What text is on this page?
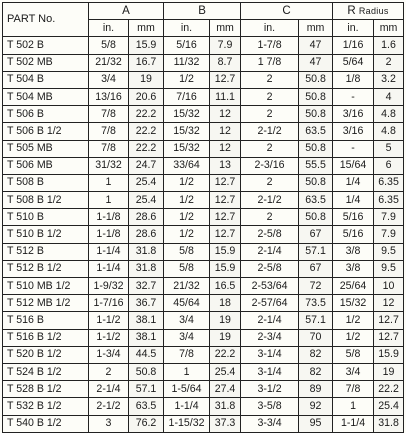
PART No.	A		B		C		R Radius	
	in.	mm	in.	mm	in.	mm	in.	mm
T 502 B	5/8	15.9	5/16	7.9	1-7/8	47	1/16	1.6
T 502 MB	21/32	16.7	11/32	8.7	1 7/8	47	5/64	2
T 504 B	3/4	19	1/2	12.7	2	50.8	1/8	3.2
T 504 MB	13/16	20.6	7/16	11.1	2	50.8	-	4
T 506 B	7/8	22.2	15/32	12	2	50.8	3/16	4.8
T 506 B 1/2	7/8	22.2	15/32	12	2-1/2	63.5	3/16	4.8
T 505 MB	7/8	22.2	15/32	12	2	50.8	-	5
T 506 MB	31/32	24.7	33/64	13	2-3/16	55.5	15/64	6
T 508 B	1	25.4	1/2	12.7	2	50.8	1/4	6.35
T 508 B 1/2	1	25.4	1/2	12.7	2-1/2	63.5	1/4	6.35
T 510 B	1-1/8	28.6	1/2	12.7	2	50.8	5/16	7.9
T 510 B 1/2	1-1/8	28.6	1/2	12.7	2-5/8	67	5/16	7.9
T 512 B	1-1/4	31.8	5/8	15.9	2-1/4	57.1	3/8	9.5
T 512 B 1/2	1-1/4	31.8	5/8	15.9	2-5/8	67	3/8	9.5
T 510 MB 1/2	1-9/32	32.7	21/32	16.5	2-53/64	72	25/64	10
T 512 MB 1/2	1-7/16	36.7	45/64	18	2-57/64	73.5	15/32	12
T 516 B	1-1/2	38.1	3/4	19	2-1/4	57.1	1/2	12.7
T 516 B 1/2	1-1/2	38.1	3/4	19	2-3/4	70	1/2	12.7
T 520 B 1/2	1-3/4	44.5	7/8	22.2	3-1/4	82	5/8	15.9
T 524 B 1/2	2	50.8	1	25.4	3-1/4	82	3/4	19
T 528 B 1/2	2-1/4	57.1	1-5/64	27.4	3-1/2	89	7/8	22.2
T 532 B 1/2	2-1/2	63.5	1-1/4	31.8	3-5/8	92	1	25.4
T 540 B 1/2	3	76.2	1-15/32	37.3	3-3/4	95	1-1/4	31.8
